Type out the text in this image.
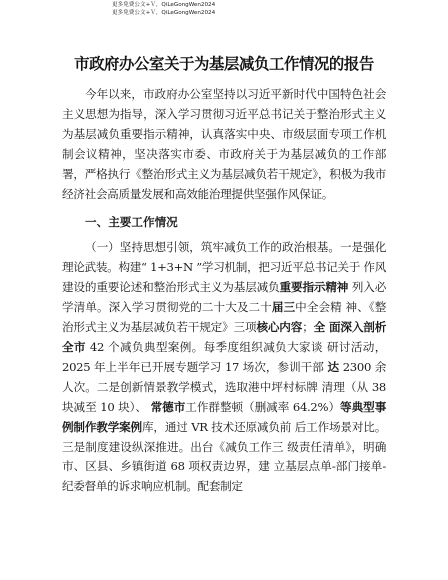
更多免费公文+Ｖ，QiLeGongWen2024
更多免费公文+Ｖ，QiLeGongWen2024
市政府办公室关于为基层减负工作情况的报告

今年以来，市政府办公室坚持以习近平新时代中国特色社会主义思想为指导，深入学习贯彻习近平总书记关于整治形式主义为基层减负重要指示精神，认真落实中央、市级层面专项工作机制会议精神，坚决落实市委、市政府关于为基层减负的工作部署，严格执行《整治形式主义为基层减负若干规定》，积极为我市经济社会高质量发展和高效能治理提供坚强作风保证。

一、主要工作情况

（一）坚持思想引领，筑牢减负工作的政治根基。一是强化理论武装。构建“ 1+3+N ”学习机制，把习近平总书记关于 作风建设的重要论述和整治形式主义为基层减负重要指示精神 列入必学清单。深入学习贯彻党的二十大及二十届三中全会精 神、《整治形式主义为基层减负若干规定》三项核心内容；全 面深入剖析全市 42 个减负典型案例。每季度组织减负大家谈 研讨活动，2025 年上半年已开展专题学习 17 场次，参训干部 达 2300 余人次。二是创新情景教学模式，选取港中坪村标牌 清理（从 38 块减至 10 块）、 常德市工作群整顿（删减率 64.2%）等典型事例制作教学案例库，通过 VR 技术还原减负前 后工作场景对比。三是制度建设纵深推进。出台《减负工作三 级责任清单》，明确市、区县、乡镇街道 68 项权责边界，建 立基层点单-部门接单-纪委督单的诉求响应机制。配套制定
